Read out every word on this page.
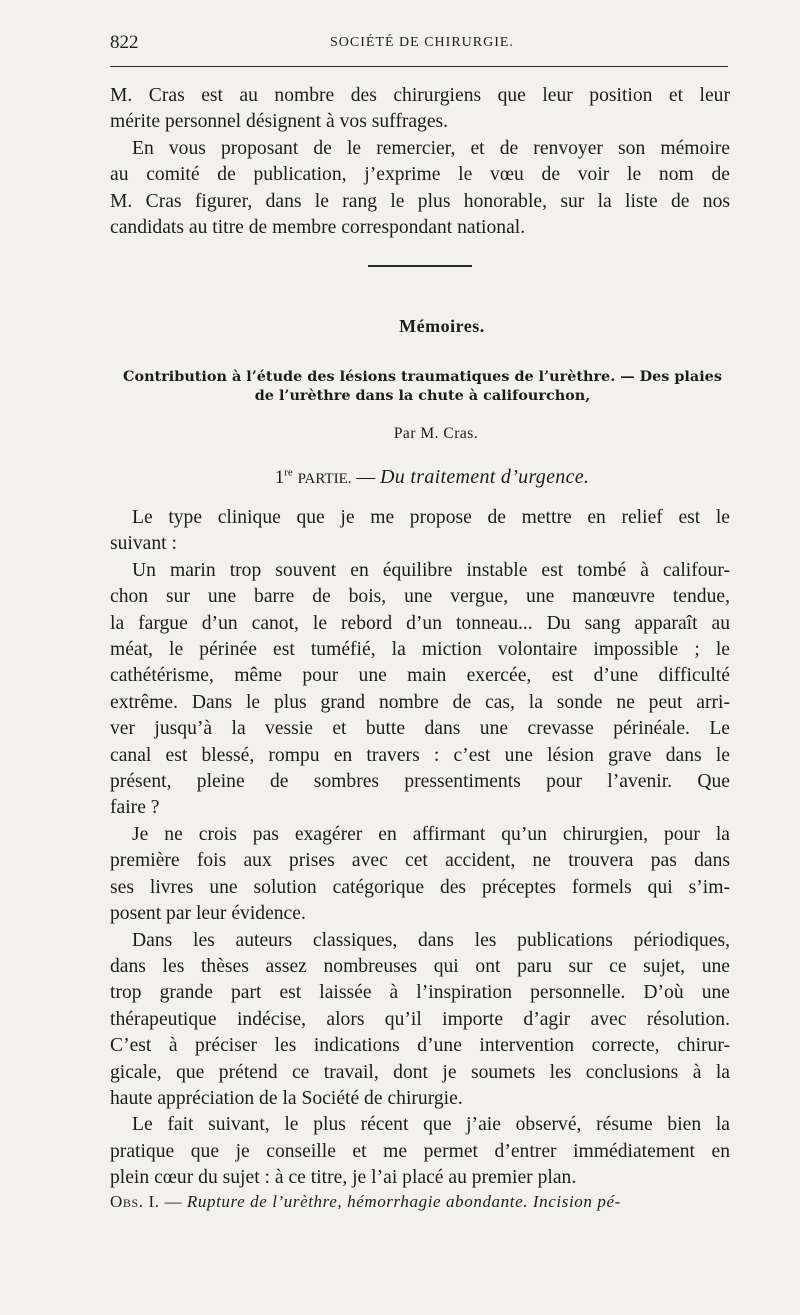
822	SOCIÉTÉ DE CHIRURGIE.

M. Cras est au nombre des chirurgiens que leur position et leur
mérite personnel désignent à vos suffrages.

En vous proposant de le remercier, et de renvoyer son mémoire
au comité de publication, j’exprime le vœu de voir le nom de
M. Cras figurer, dans le rang le plus honorable, sur la liste de nos
candidats au titre de membre correspondant national.

Mémoires.
Contribution à l’étude des lésions traumatiques de l’urèthre. — Des plaies
de l’urèthre dans la chute à califourchon,
Par M. Cras.
1re PARTIE. — Du traitement d’urgence.

Le type clinique que je me propose de mettre en relief est le
suivant :

Un marin trop souvent en équilibre instable est tombé à califour-
chon sur une barre de bois, une vergue, une manœuvre tendue,
la fargue d’un canot, le rebord d’un tonneau... Du sang apparaît au
méat, le périnée est tuméfié, la miction volontaire impossible ; le
cathétérisme, même pour une main exercée, est d’une difficulté
extrême. Dans le plus grand nombre de cas, la sonde ne peut arri-
ver jusqu’à la vessie et butte dans une crevasse périnéale. Le
canal est blessé, rompu en travers : c’est une lésion grave dans le
présent, pleine de sombres pressentiments pour l’avenir. Que
faire ?

Je ne crois pas exagérer en affirmant qu’un chirurgien, pour la
première fois aux prises avec cet accident, ne trouvera pas dans
ses livres une solution catégorique des préceptes formels qui s’im-
posent par leur évidence.

Dans les auteurs classiques, dans les publications périodiques,
dans les thèses assez nombreuses qui ont paru sur ce sujet, une
trop grande part est laissée à l’inspiration personnelle. D’où une
thérapeutique indécise, alors qu’il importe d’agir avec résolution.
C’est à préciser les indications d’une intervention correcte, chirur-
gicale, que prétend ce travail, dont je soumets les conclusions à la
haute appréciation de la Société de chirurgie.

Le fait suivant, le plus récent que j’aie observé, résume bien la
pratique que je conseille et me permet d’entrer immédiatement en
plein cœur du sujet : à ce titre, je l’ai placé au premier plan.

Obs. I. — Rupture de l’urèthre, hémorrhagie abondante. Incision pé-
